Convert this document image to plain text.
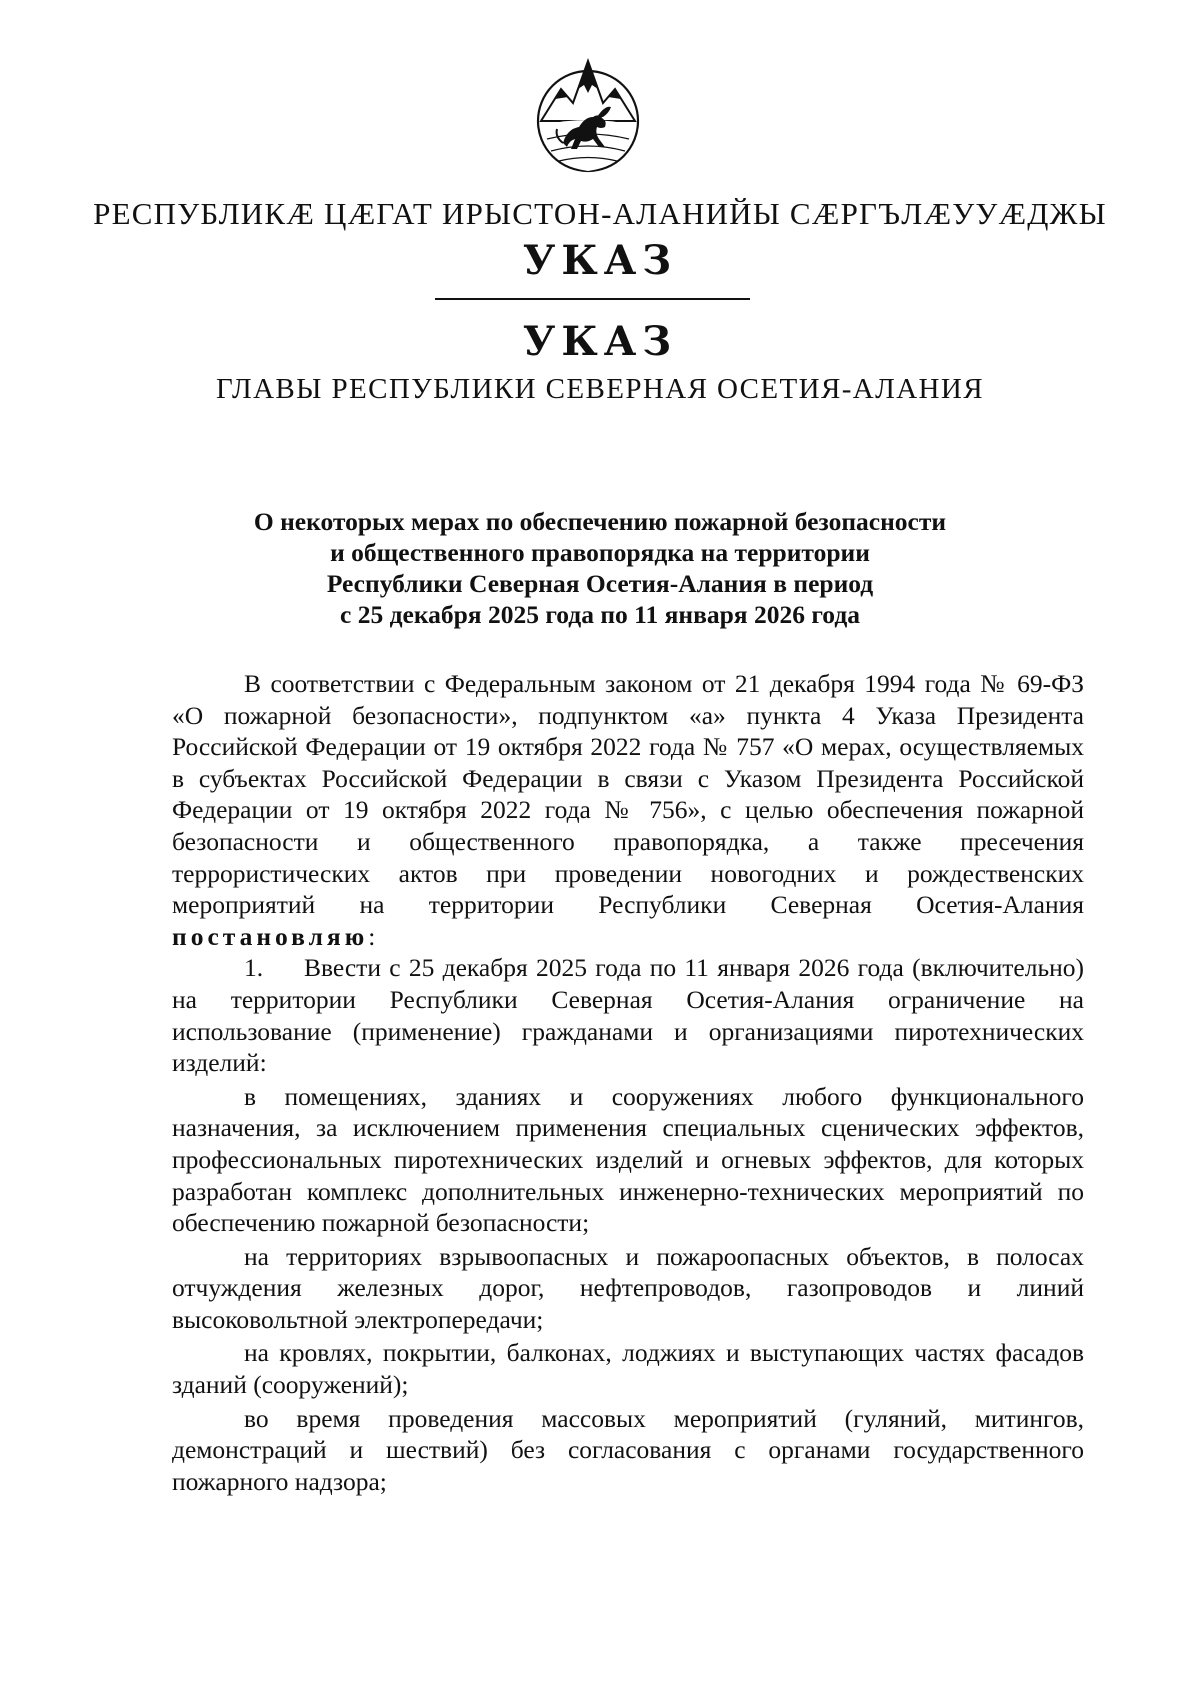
РЕСПУБЛИКӔ ЦӔГАТ ИРЫСТОН-АЛАНИЙЫ СӔРГЪЛӔУУӔДЖЫ
УКАЗ
УКАЗ
ГЛАВЫ РЕСПУБЛИКИ СЕВЕРНАЯ ОСЕТИЯ-АЛАНИЯ
О некоторых мерах по обеспечению пожарной безопасности
и общественного правопорядка на территории
Республики Северная Осетия-Алания в период
с 25 декабря 2025 года по 11 января 2026 года

В соответствии с Федеральным законом от 21 декабря 1994 года № 69-ФЗ «О пожарной безопасности», подпунктом «а» пункта 4 Указа Президента Российской Федерации от 19 октября 2022 года № 757 «О мерах, осуществляемых в субъектах Российской Федерации в связи с Указом Президента Российской Федерации от 19 октября 2022 года № 756», с целью обеспечения пожарной безопасности и общественного правопорядка, а также пресечения террористических актов при проведении новогодних и рождественских мероприятий на территории Республики Северная Осетия-Алания постановляю:

1. Ввести с 25 декабря 2025 года по 11 января 2026 года (включительно) на территории Республики Северная Осетия-Алания ограничение на использование (применение) гражданами и организациями пиротехнических изделий:

в помещениях, зданиях и сооружениях любого функционального назначения, за исключением применения специальных сценических эффектов, профессиональных пиротехнических изделий и огневых эффектов, для которых разработан комплекс дополнительных инженерно-технических мероприятий по обеспечению пожарной безопасности;

на территориях взрывоопасных и пожароопасных объектов, в полосах отчуждения железных дорог, нефтепроводов, газопроводов и линий высоковольтной электропередачи;

на кровлях, покрытии, балконах, лоджиях и выступающих частях фасадов зданий (сооружений);

во время проведения массовых мероприятий (гуляний, митингов, демонстраций и шествий) без согласования с органами государственного пожарного надзора;
